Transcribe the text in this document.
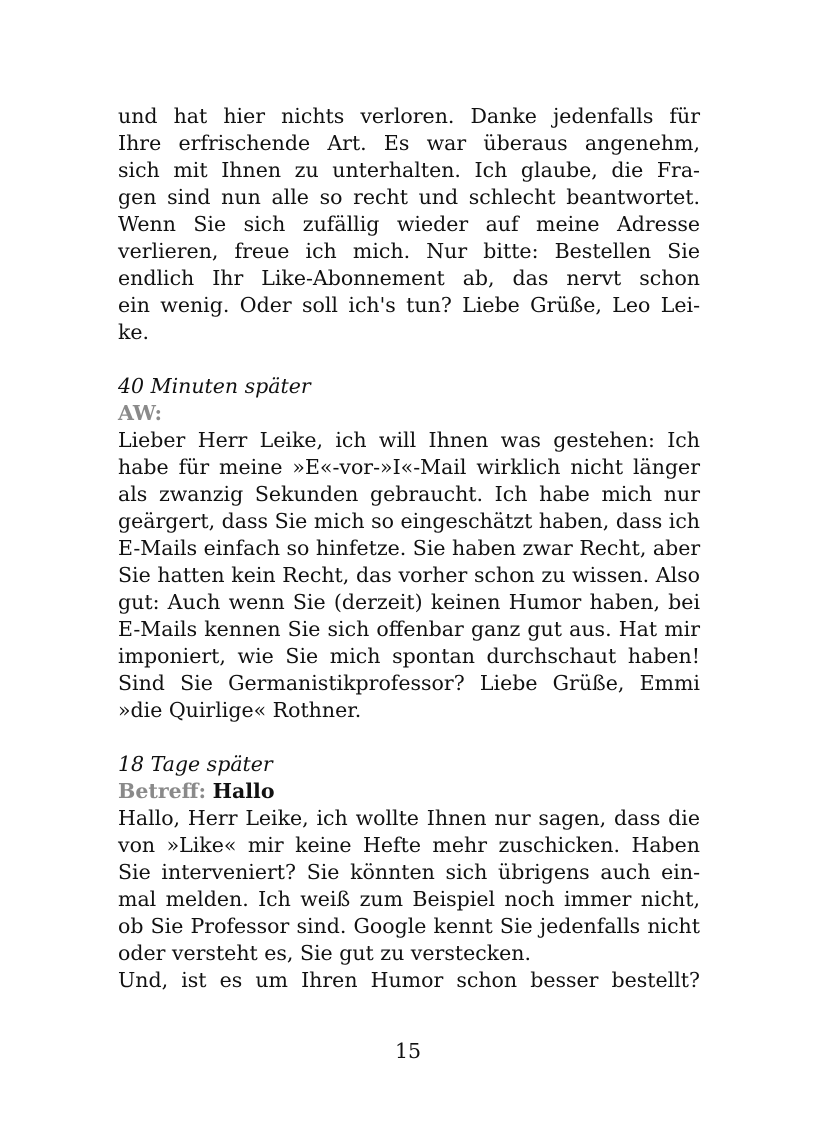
und hat hier nichts verloren. Danke jedenfalls für
Ihre erfrischende Art. Es war überaus angenehm,
sich mit Ihnen zu unterhalten. Ich glaube, die Fra-
gen sind nun alle so recht und schlecht beantwortet.
Wenn Sie sich zufällig wieder auf meine Adresse
verlieren, freue ich mich. Nur bitte: Bestellen Sie
endlich Ihr Like-Abonnement ab, das nervt schon
ein wenig. Oder soll ich's tun? Liebe Grüße, Leo Lei-
ke.
40 Minuten später
AW:
Lieber Herr Leike, ich will Ihnen was gestehen: Ich
habe für meine »E«-vor-»I«-Mail wirklich nicht länger
als zwanzig Sekunden gebraucht. Ich habe mich nur
geärgert, dass Sie mich so eingeschätzt haben, dass ich
E-Mails einfach so hinfetze. Sie haben zwar Recht, aber
Sie hatten kein Recht, das vorher schon zu wissen. Also
gut: Auch wenn Sie (derzeit) keinen Humor haben, bei
E-Mails kennen Sie sich offenbar ganz gut aus. Hat mir
imponiert, wie Sie mich spontan durchschaut haben!
Sind Sie Germanistikprofessor? Liebe Grüße, Emmi
»die Quirlige« Rothner.
18 Tage später
Betreff: Hallo
Hallo, Herr Leike, ich wollte Ihnen nur sagen, dass die
von »Like« mir keine Hefte mehr zuschicken. Haben
Sie interveniert? Sie könnten sich übrigens auch ein-
mal melden. Ich weiß zum Beispiel noch immer nicht,
ob Sie Professor sind. Google kennt Sie jedenfalls nicht
oder versteht es, Sie gut zu verstecken.
Und, ist es um Ihren Humor schon besser bestellt?
15
